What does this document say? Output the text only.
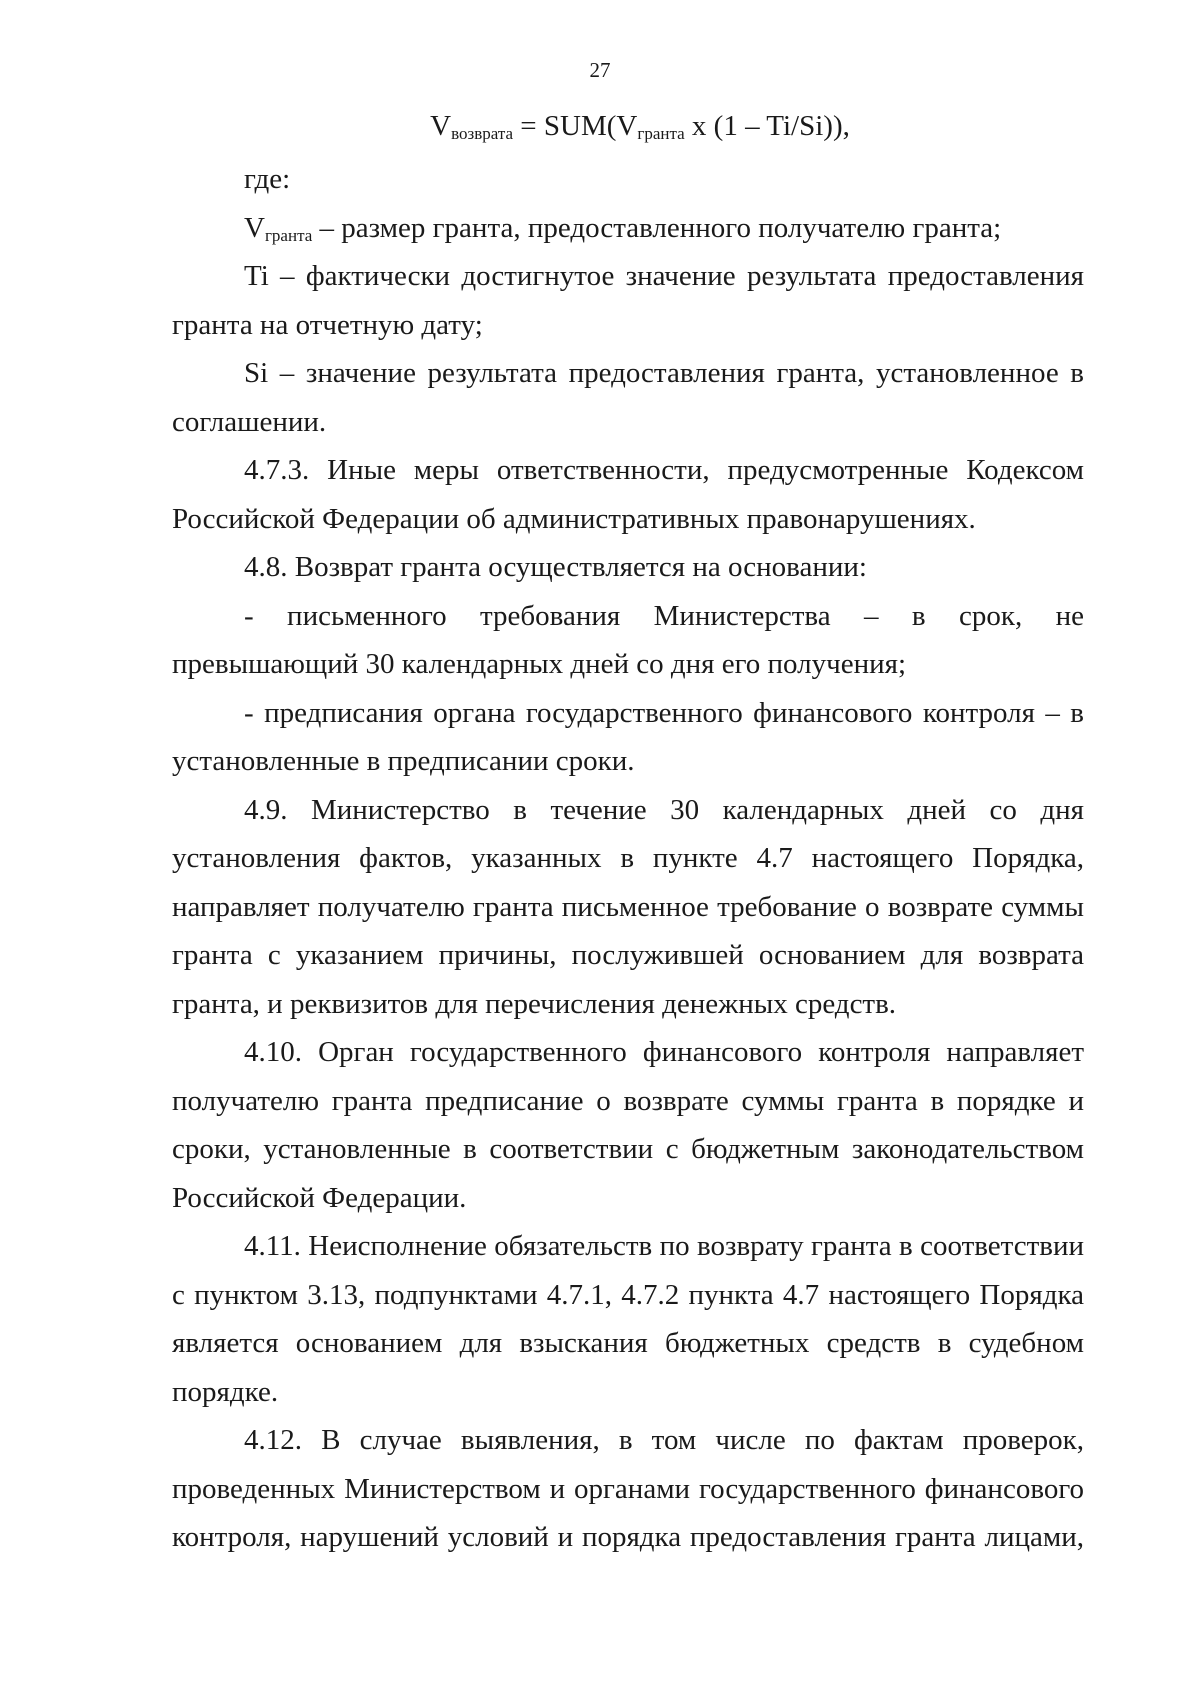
27
$V_{возврата} = SUM(V_{гранта}$ x (1 – Ti/Si)),

где:

$V_{гранта}$ – размер гранта, предоставленного получателю гранта;

Ti – фактически достигнутое значение результата предоставления гранта на отчетную дату;

Si – значение результата предоставления гранта, установленное в соглашении.

4.7.3. Иные меры ответственности, предусмотренные Кодексом Российской Федерации об административных правонарушениях.

4.8. Возврат гранта осуществляется на основании:

- письменного требования Министерства – в срок, не превышающий 30 календарных дней со дня его получения;

- предписания органа государственного финансового контроля – в установленные в предписании сроки.

4.9. Министерство в течение 30 календарных дней со дня установления фактов, указанных в пункте 4.7 настоящего Порядка, направляет получателю гранта письменное требование о возврате суммы гранта с указанием причины, послужившей основанием для возврата гранта, и реквизитов для перечисления денежных средств.

4.10. Орган государственного финансового контроля направляет получателю гранта предписание о возврате суммы гранта в порядке и сроки, установленные в соответствии с бюджетным законодательством Российской Федерации.

4.11. Неисполнение обязательств по возврату гранта в соответствии с пунктом 3.13, подпунктами 4.7.1, 4.7.2 пункта 4.7 настоящего Порядка является основанием для взыскания бюджетных средств в судебном порядке.

4.12. В случае выявления, в том числе по фактам проверок, проведенных Министерством и органами государственного финансового контроля, нарушений условий и порядка предоставления гранта лицами,
